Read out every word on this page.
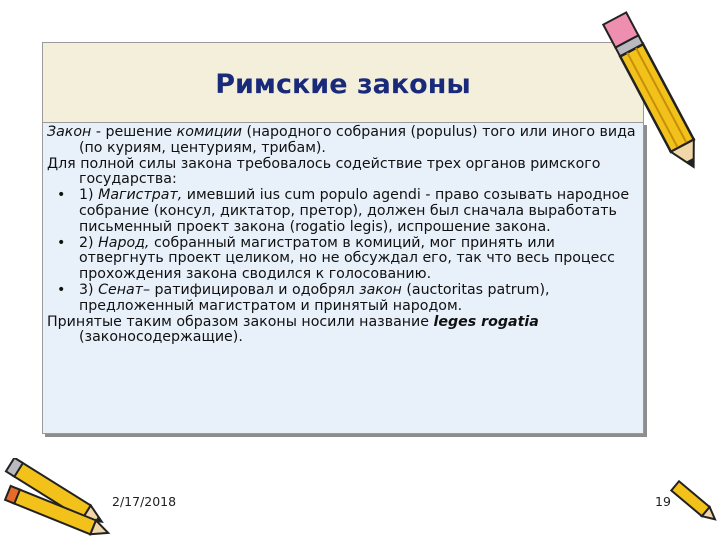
Римские законы

Закон - решение комиции (народного собрания (populus) того или иного вида (по куриям, центуриям, трибам).

Для полной силы закона требовалось содействие трех органов римского государства:

• 1) Магистрат, имевший ius cum populo agendi - право созывать народное собрание (консул, диктатор, претор), должен был сначала выработать письменный проект закона (rogatio legis), испрошение закона.
• 2) Народ, собранный магистратом в комиций, мог принять или отвергнуть проект целиком, но не обсуждал его, так что весь процесс прохождения закона сводился к голосованию.
• 3) Сенат– ратифицировал и одобрял закон (auctoritas patrum), предложенный магистратом и принятый народом.

Принятые таким образом законы носили название leges rogatia (законосодержащие).

2/17/2018	19
